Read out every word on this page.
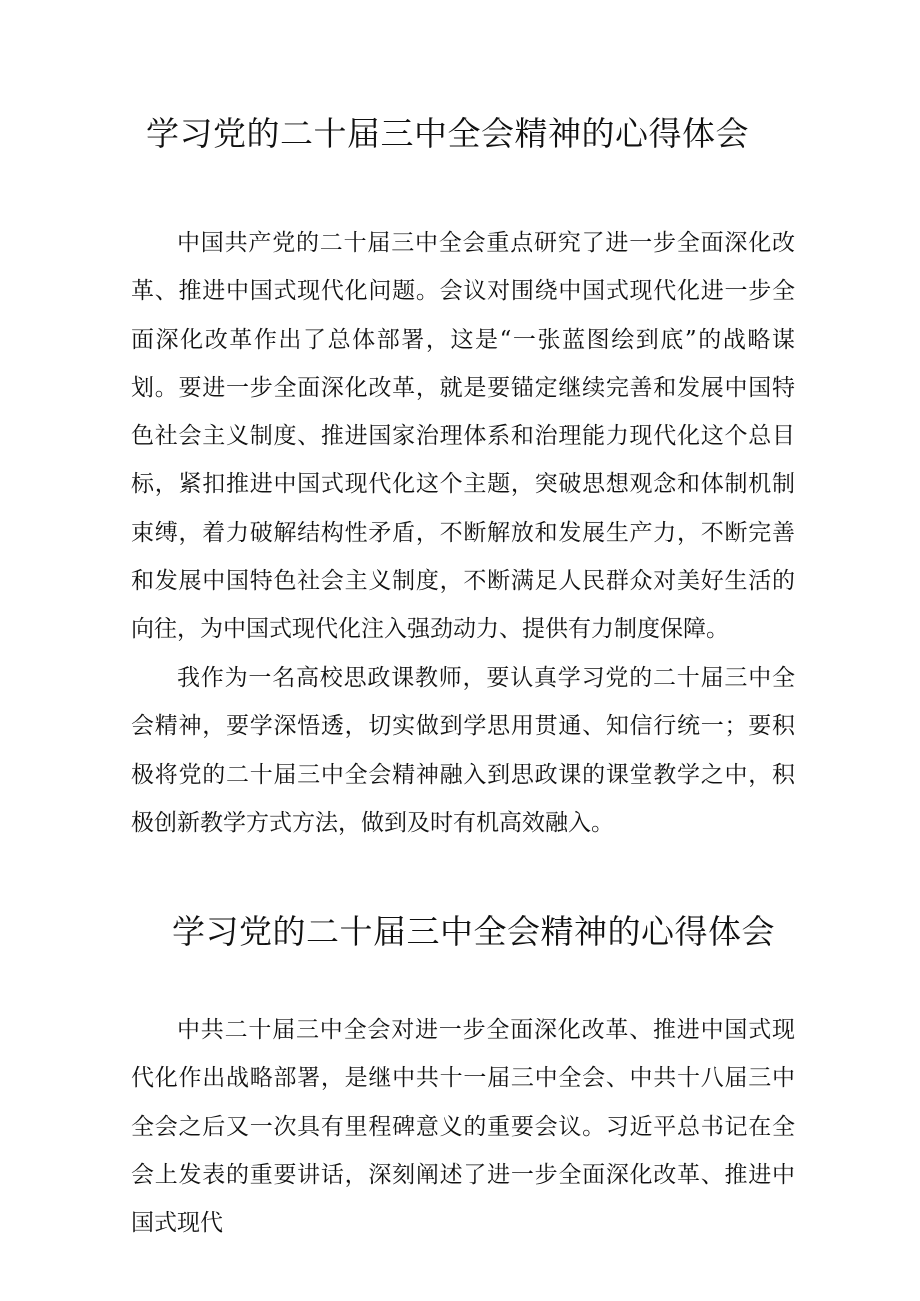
学习党的二十届三中全会精神的心得体会

中国共产党的二十届三中全会重点研究了进一步全面深化改革、推进中国式现代化问题。会议对围绕中国式现代化进一步全面深化改革作出了总体部署，这是“一张蓝图绘到底”的战略谋划。要进一步全面深化改革，就是要锚定继续完善和发展中国特色社会主义制度、推进国家治理体系和治理能力现代化这个总目标，紧扣推进中国式现代化这个主题，突破思想观念和体制机制束缚，着力破解结构性矛盾，不断解放和发展生产力，不断完善和发展中国特色社会主义制度，不断满足人民群众对美好生活的向往，为中国式现代化注入强劲动力、提供有力制度保障。

我作为一名高校思政课教师，要认真学习党的二十届三中全会精神，要学深悟透，切实做到学思用贯通、知信行统一；要积极将党的二十届三中全会精神融入到思政课的课堂教学之中，积极创新教学方式方法，做到及时有机高效融入。

学习党的二十届三中全会精神的心得体会

中共二十届三中全会对进一步全面深化改革、推进中国式现代化作出战略部署，是继中共十一届三中全会、中共十八届三中全会之后又一次具有里程碑意义的重要会议。习近平总书记在全会上发表的重要讲话，深刻阐述了进一步全面深化改革、推进中国式现代
